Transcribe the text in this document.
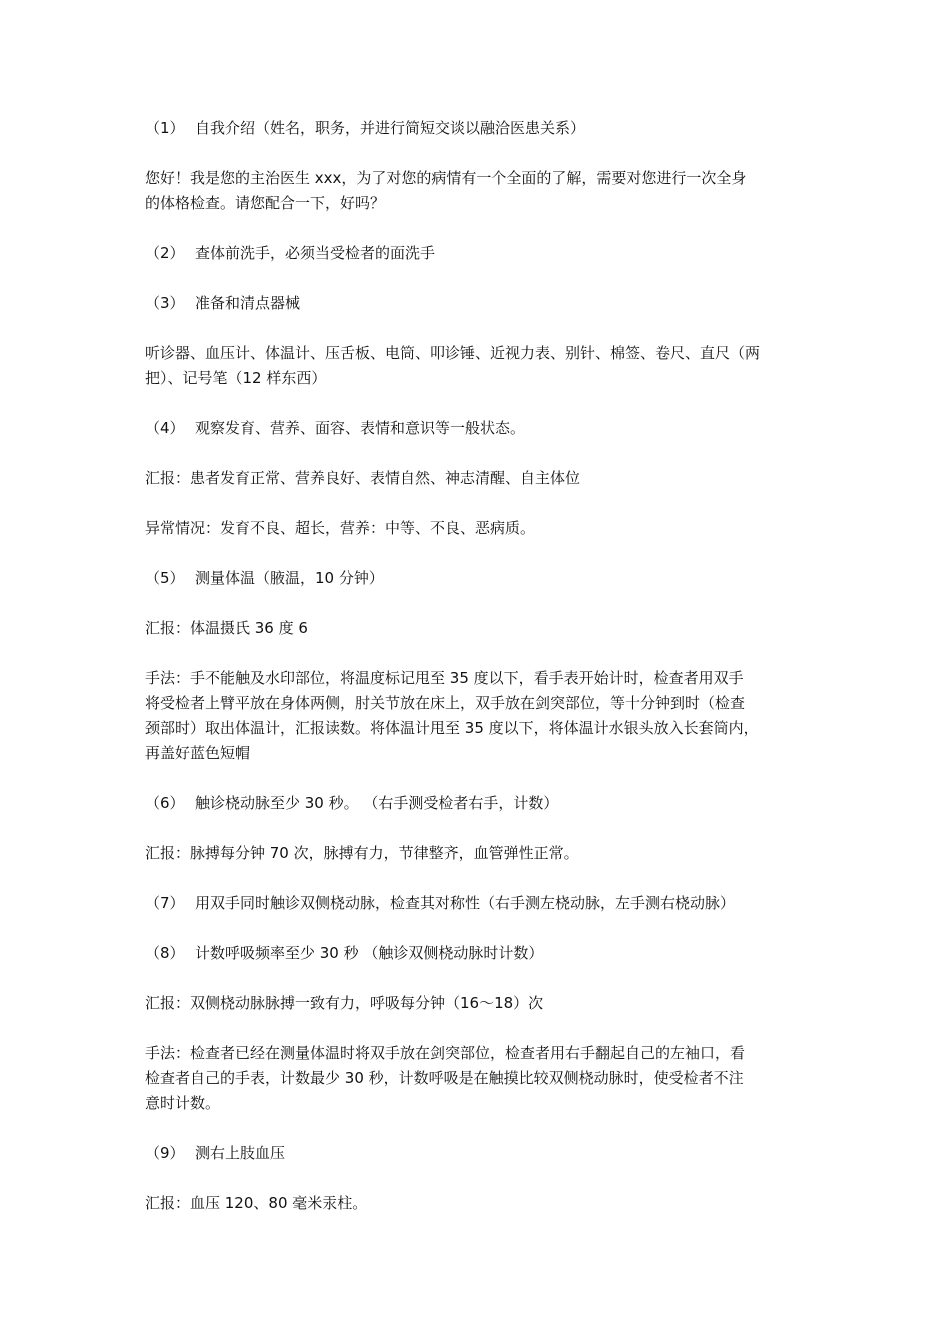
（1） 自我介绍（姓名，职务，并进行简短交谈以融洽医患关系）
您好！我是您的主治医生 xxx，为了对您的病情有一个全面的了解，需要对您进行一次全身
的体格检查。请您配合一下，好吗？
（2） 查体前洗手，必须当受检者的面洗手
（3） 准备和清点器械
听诊器、血压计、体温计、压舌板、电筒、叩诊锤、近视力表、别针、棉签、卷尺、直尺（两
把）、记号笔（12 样东西）
（4） 观察发育、营养、面容、表情和意识等一般状态。
汇报：患者发育正常、营养良好、表情自然、神志清醒、自主体位
异常情况：发育不良、超长，营养：中等、不良、恶病质。
（5） 测量体温（腋温，10 分钟）
汇报：体温摄氏 36 度 6
手法：手不能触及水印部位，将温度标记甩至 35 度以下，看手表开始计时，检查者用双手
将受检者上臂平放在身体两侧，肘关节放在床上，双手放在剑突部位，等十分钟到时（检查
颈部时）取出体温计，汇报读数。将体温计甩至 35 度以下，将体温计水银头放入长套筒内，
再盖好蓝色短帽
（6） 触诊桡动脉至少 30 秒。 （右手测受检者右手，计数）
汇报：脉搏每分钟 70 次，脉搏有力，节律整齐，血管弹性正常。
（7） 用双手同时触诊双侧桡动脉，检查其对称性（右手测左桡动脉，左手测右桡动脉）
（8） 计数呼吸频率至少 30 秒 （触诊双侧桡动脉时计数）
汇报：双侧桡动脉脉搏一致有力，呼吸每分钟（16～18）次
手法：检查者已经在测量体温时将双手放在剑突部位，检查者用右手翻起自己的左袖口，看
检查者自己的手表，计数最少 30 秒，计数呼吸是在触摸比较双侧桡动脉时，使受检者不注
意时计数。
（9） 测右上肢血压
汇报：血压 120、80 毫米汞柱。
